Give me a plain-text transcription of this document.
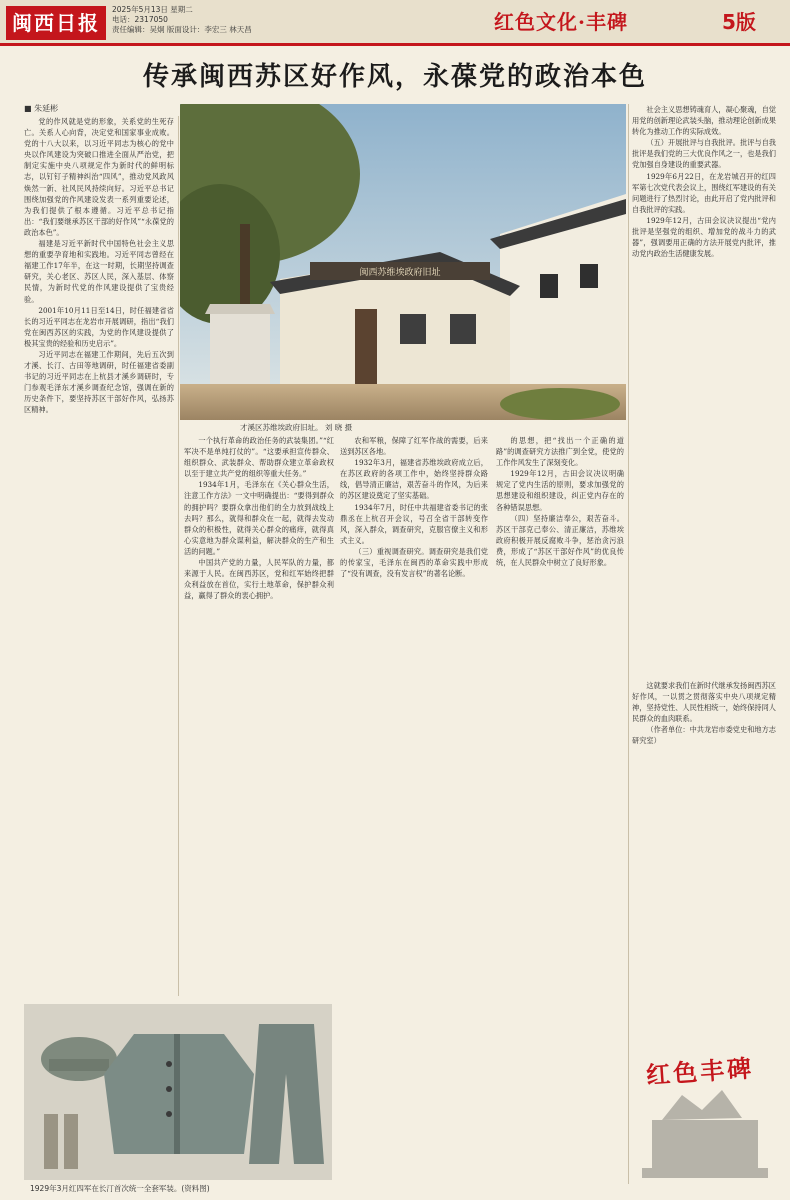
闽西日报
2025年5月13日 星期二
电话：2317050
责任编辑：吴炯 版面设计：李宏三 林天昌	红色文化·丰碑	5版
传承闽西苏区好作风，永葆党的政治本色
■ 朱延彬
闽西苏维埃政府旧址
才溪区苏维埃政府旧址。 刘 晓 摄

党的作风就是党的形象，关系党的生死存亡。关系人心向背，决定党和国家事业成败。党的十八大以来，以习近平同志为核心的党中央以作风建设为突破口推进全面从严治党，把制定实施中央八项规定作为新时代的鲜明标志，以钉钉子精神纠治“四风”，推动党风政风焕然一新、社风民风持续向好。习近平总书记围绕加强党的作风建设发表一系列重要论述，为我们提供了根本遵循。习近平总书记指出：“我们要继承苏区干部的好作风”“永葆党的政治本色”。

福建是习近平新时代中国特色社会主义思想的重要孕育地和实践地。习近平同志曾经在福建工作17年半，在这一时期，长期坚持调查研究，关心老区、苏区人民，深入基层、体察民情，为新时代党的作风建设提供了宝贵经验。

2001年10月11日至14日，时任福建省省长的习近平同志在龙岩市开展调研，指出“我们党在闽西苏区的实践，为党的作风建设提供了极其宝贵的经验和历史启示”。

习近平同志在福建工作期间，先后五次到才溪、长汀、古田等地调研，时任福建省委副书记的习近平同志在上杭县才溪乡调研时，专门参观毛泽东才溪乡调查纪念馆，强调在新的历史条件下，要坚持苏区干部好作风，弘扬苏区精神。

一个执行革命的政治任务的武装集团。”“红军决不是单纯打仗的”。“这要承担宣传群众、组织群众、武装群众、帮助群众建立革命政权以至于建立共产党的组织等重大任务。”

1934年1月，毛泽东在《关心群众生活，注意工作方法》一文中明确提出：“要得到群众的拥护吗？要群众拿出他们的全力放到战线上去吗？那么，就得和群众在一起，就得去发动群众的积极性，就得关心群众的痛痒，就得真心实意地为群众谋利益，解决群众的生产和生活的问题。”

中国共产党的力量，人民军队的力量，都来源于人民。在闽西苏区，党和红军始终把群众利益放在首位，实行土地革命，保护群众利益，赢得了群众的衷心拥护。

农和军粮，保障了红军作战的需要，后来送到苏区各地。

1932年3月，福建省苏维埃政府成立后，在苏区政府的各项工作中，始终坚持群众路线，倡导清正廉洁，艰苦奋斗的作风，为后来的苏区建设奠定了坚实基础。

1934年7月，时任中共福建省委书记的张鼎丞在上杭召开会议，号召全省干部转变作风，深入群众，调查研究，克服官僚主义和形式主义。

（三）重视调查研究。调查研究是我们党的传家宝，毛泽东在闽西的革命实践中形成了“没有调查，没有发言权”的著名论断。

的思想，把“找出一个正确的道路”的调查研究方法推广到全党，使党的工作作风发生了深刻变化。

1929年12月，古田会议决议明确规定了党内生活的原则，要求加强党的思想建设和组织建设，纠正党内存在的各种错误思想。

（四）坚持廉洁奉公，艰苦奋斗。苏区干部克己奉公、清正廉洁，苏维埃政府积极开展反腐败斗争，惩治贪污浪费，形成了“苏区干部好作风”的优良传统，在人民群众中树立了良好形象。

社会主义思想铸魂育人，凝心聚魂，自觉用党的创新理论武装头脑，推动理论创新成果转化为推动工作的实际成效。

（五）开展批评与自我批评。批评与自我批评是我们党的三大优良作风之一，也是我们党加强自身建设的重要武器。

1929年6月22日，在龙岩城召开的红四军第七次党代表会议上，围绕红军建设的有关问题进行了热烈讨论，由此开启了党内批评和自我批评的实践。

1929年12月，古田会议决议提出“党内批评是坚强党的组织、增加党的战斗力的武器”，强调要用正确的方法开展党内批评，推动党内政治生活健康发展。

这就要求我们在新时代继承发扬闽西苏区好作风，一以贯之贯彻落实中央八项规定精神，坚持党性、人民性相统一，始终保持同人民群众的血肉联系。

（作者单位：中共龙岩市委党史和地方志研究室）

1929年3月红四军在长汀首次统一全套军装。(资料图)
红色丰碑
